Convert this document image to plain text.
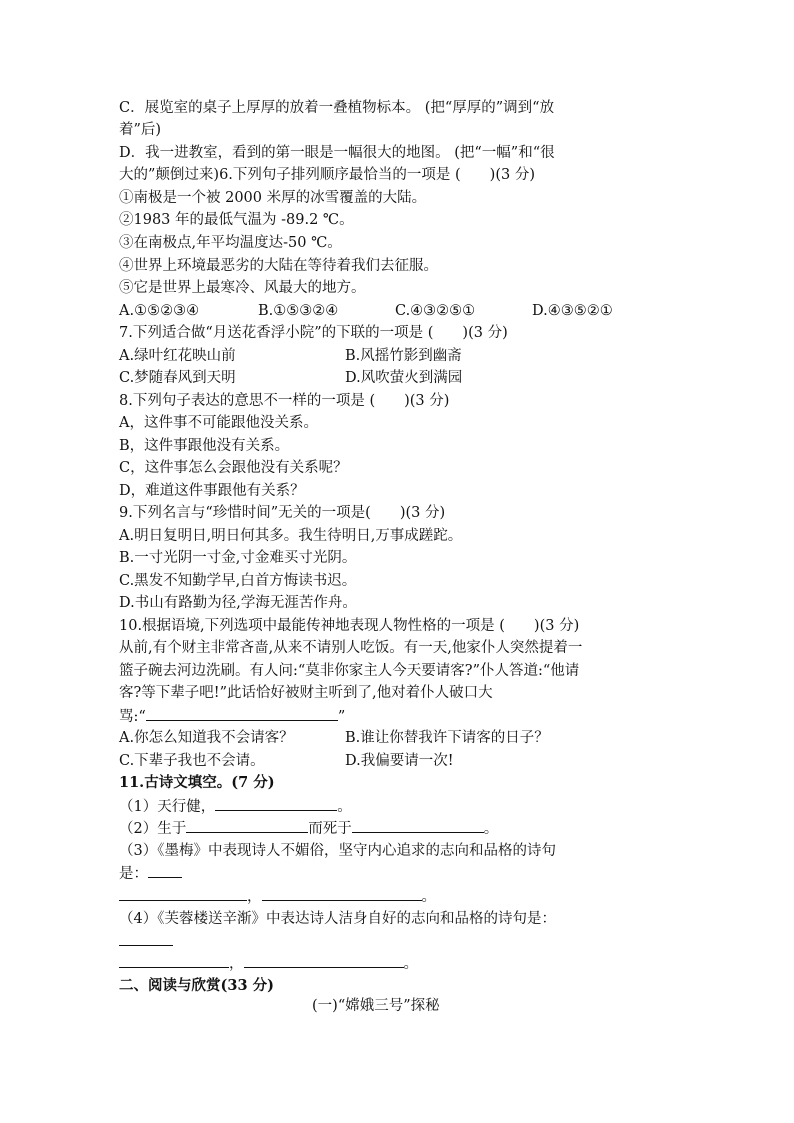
C．展览室的桌子上厚厚的放着一叠植物标本。 (把“厚厚的”调到“放
着”后)
D．我一进教室，看到的第一眼是一幅很大的地图。 (把“一幅”和“很
大的”颠倒过来)6.下列句子排列顺序最恰当的一项是 (　　)(3 分)
①南极是一个被 2000 米厚的冰雪覆盖的大陆。
②1983 年的最低气温为 -89.2 ℃。
③在南极点,年平均温度达-50 ℃。
④世界上环境最恶劣的大陆在等待着我们去征服。
⑤它是世界上最寒冷、风最大的地方。
A.①⑤②③④	B.①⑤③②④	C.④③②⑤①	D.④③⑤②①
7.下列适合做“月送花香浮小院”的下联的一项是 (　　)(3 分)
A.绿叶红花映山前	B.风摇竹影到幽斋
C.梦随春风到天明	D.风吹萤火到满园
8.下列句子表达的意思不一样的一项是 (　　)(3 分)
A，这件事不可能跟他没关系。
B，这件事跟他没有关系。
C，这件事怎么会跟他没有关系呢？
D，难道这件事跟他有关系？
9.下列名言与“珍惜时间”无关的一项是(　　)(3 分)
A.明日复明日,明日何其多。我生待明日,万事成蹉跎。
B.一寸光阴一寸金,寸金难买寸光阴。
C.黑发不知勤学早,白首方悔读书迟。
D.书山有路勤为径,学海无涯苦作舟。
10.根据语境,下列选项中最能传神地表现人物性格的一项是 (　　)(3 分)
从前,有个财主非常吝啬,从来不请别人吃饭。有一天,他家仆人突然提着一
篮子碗去河边洗刷。有人问:“莫非你家主人今天要请客?”仆人答道:“他请
客?等下辈子吧!”此话恰好被财主听到了,他对着仆人破口大
骂:“	”
A.你怎么知道我不会请客？	B.谁让你替我许下请客的日子？
C.下辈子我也不会请。	D.我偏要请一次!
11.古诗文填空。(7 分)
（1）天行健，	。
（2）生于	而死于	。
（3）《墨梅》中表现诗人不媚俗，坚守内心追求的志向和品格的诗句
是：
，	。
（4）《芙蓉楼送辛渐》中表达诗人洁身自好的志向和品格的诗句是：
，	。
二、阅读与欣赏(33 分)
(一)“嫦娥三号”探秘
